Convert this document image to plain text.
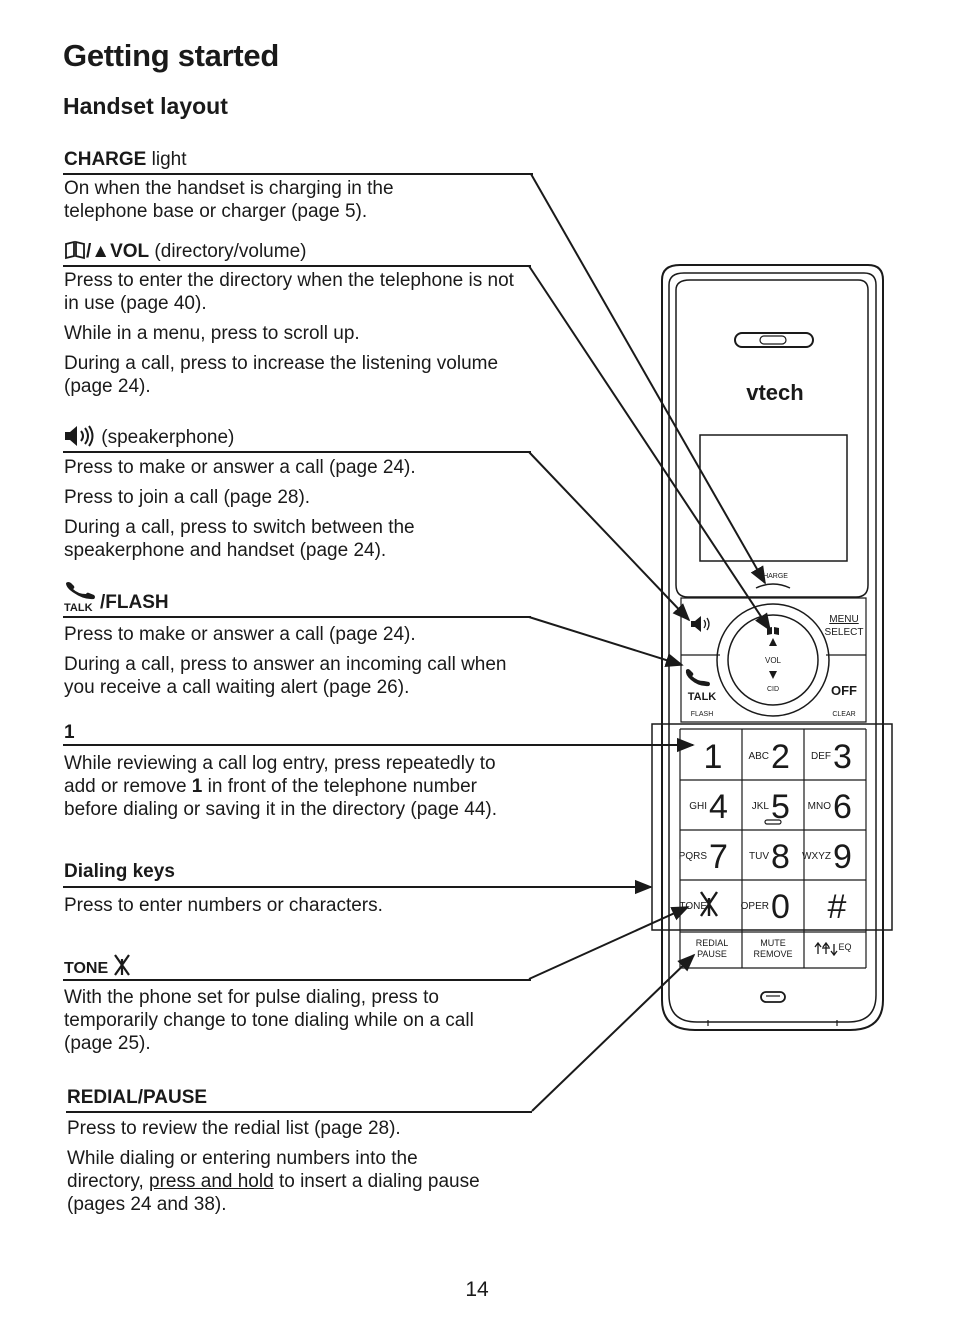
Getting started
Handset layout
CHARGE light
On when the handset is charging in the telephone base or charger (page 5).
/▲VOL (directory/volume)
Press to enter the directory when the telephone is not in use (page 40).
While in a menu, press to scroll up.
During a call, press to increase the listening volume (page 24).
(speakerphone)
Press to make or answer a call (page 24).
Press to join a call (page 28).
During a call, press to switch between the speakerphone and handset (page 24).
TALK /FLASH
Press to make or answer a call (page 24).
During a call, press to answer an incoming call when you receive a call waiting alert (page 26).
1
While reviewing a call log entry, press repeatedly to add or remove 1 in front of the telephone number before dialing or saving it in the directory (page 44).
Dialing keys
Press to enter numbers or characters.
TONE
With the phone set for pulse dialing, press to temporarily change to tone dialing while on a call (page 25).
REDIAL/PAUSE
Press to review the redial list (page 28).
While dialing or entering numbers into the directory, press and hold to insert a dialing pause (pages 24 and 38).
14
vtech
CHARGE
MENU
SELECT
VOL
CID
TALK
FLASH
OFF
CLEAR
REDIAL
PAUSE
MUTE
REMOVE
EQ
1	ABC 2 DEF 3
GHI 4 JKL 5 MNO 6
PQRS 7 TUV 8 WXYZ 9
TONE	OPER 0 #
